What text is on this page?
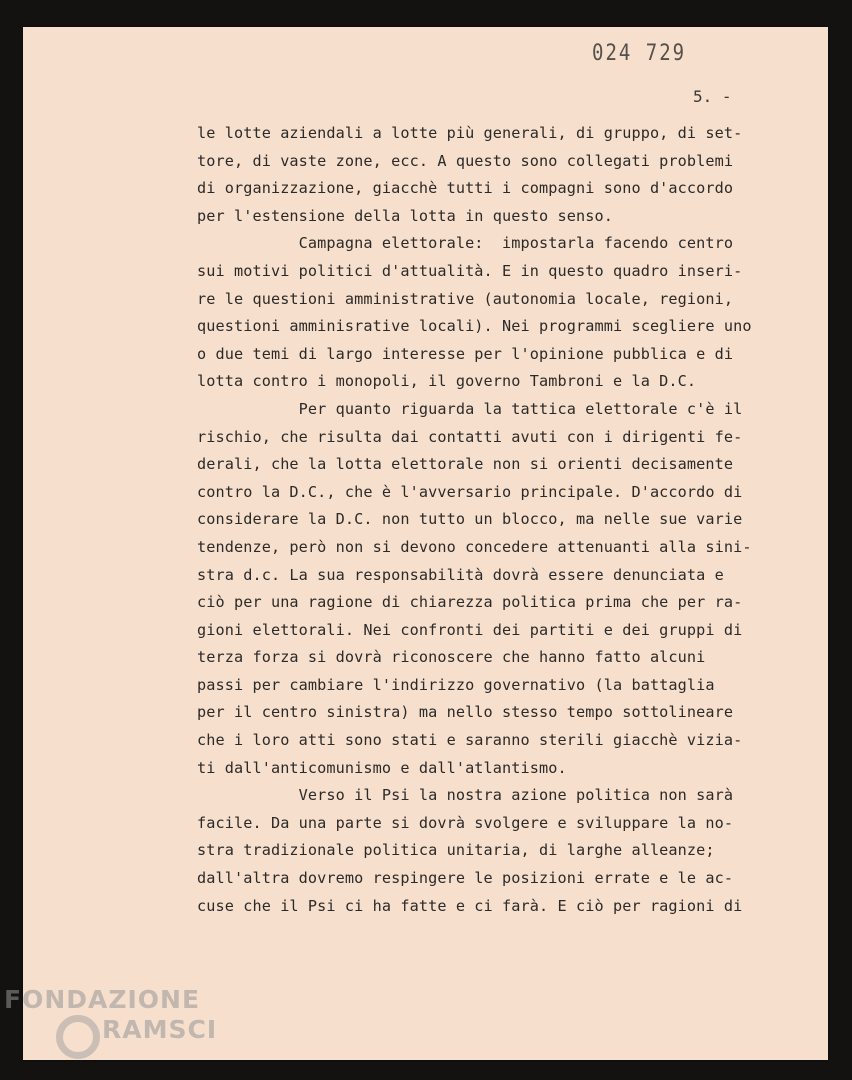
024 729
5. -
le lotte aziendali a lotte più generali, di gruppo, di set-
tore, di vaste zone, ecc. A questo sono collegati problemi
di organizzazione, giacchè tutti i compagni sono d'accordo
per l'estensione della lotta in questo senso.
Campagna elettorale:  impostarla facendo centro
sui motivi politici d'attualità. E in questo quadro inseri-
re le questioni amministrative (autonomia locale, regioni,
questioni amminisrative locali). Nei programmi scegliere uno
o due temi di largo interesse per l'opinione pubblica e di
lotta contro i monopoli, il governo Tambroni e la D.C.
Per quanto riguarda la tattica elettorale c'è il
rischio, che risulta dai contatti avuti con i dirigenti fe-
derali, che la lotta elettorale non si orienti decisamente
contro la D.C., che è l'avversario principale. D'accordo di
considerare la D.C. non tutto un blocco, ma nelle sue varie
tendenze, però non si devono concedere attenuanti alla sini-
stra d.c. La sua responsabilità dovrà essere denunciata e
ciò per una ragione di chiarezza politica prima che per ra-
gioni elettorali. Nei confronti dei partiti e dei gruppi di
terza forza si dovrà riconoscere che hanno fatto alcuni
passi per cambiare l'indirizzo governativo (la battaglia
per il centro sinistra) ma nello stesso tempo sottolineare
che i loro atti sono stati e saranno sterili giacchè vizia-
ti dall'anticomunismo e dall'atlantismo.
Verso il Psi la nostra azione politica non sarà
facile. Da una parte si dovrà svolgere e sviluppare la no-
stra tradizionale politica unitaria, di larghe alleanze;
dall'altra dovremo respingere le posizioni errate e le ac-
cuse che il Psi ci ha fatte e ci farà. E ciò per ragioni di
FONDAZIONE
RAMSCI
